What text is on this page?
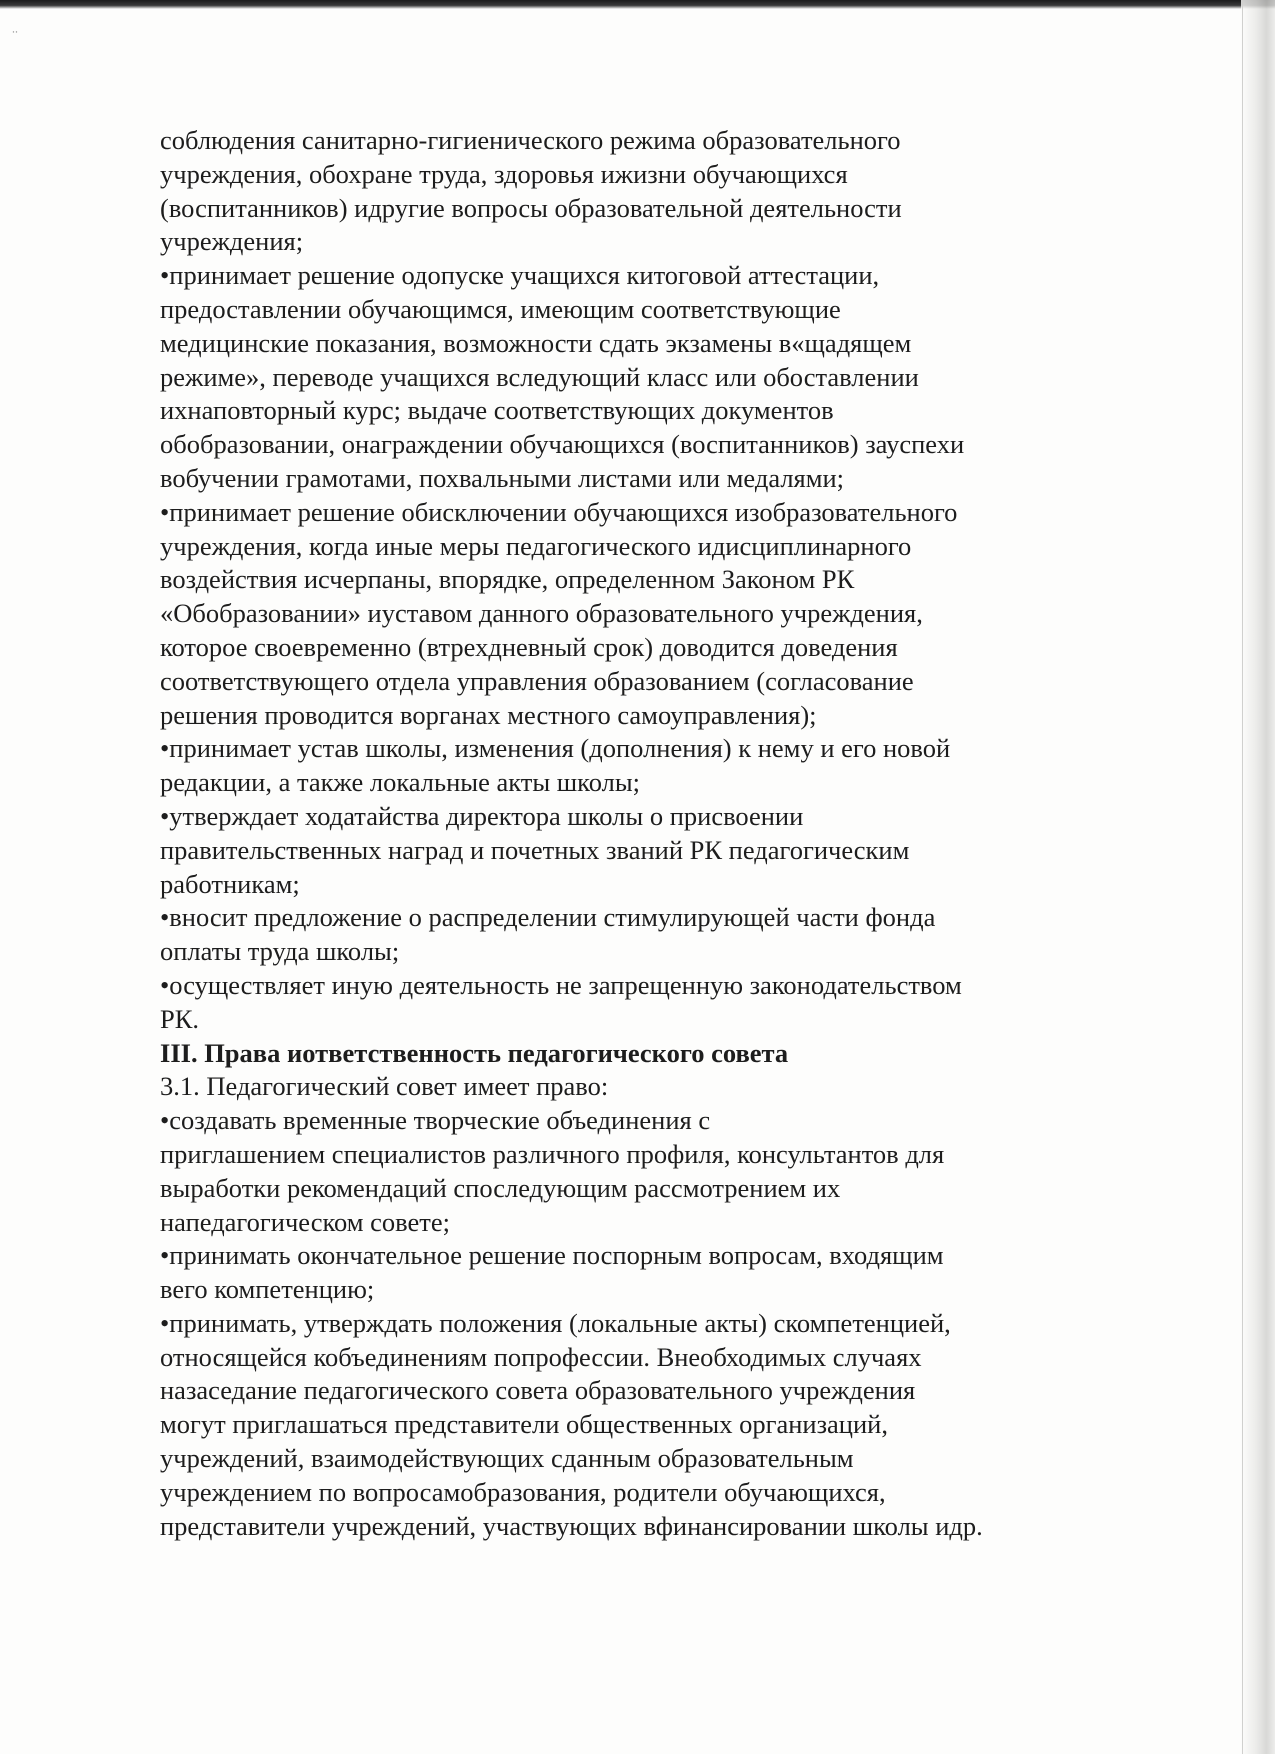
⸱⸱
соблюдения санитарно-гигиенического режима образовательного
учреждения, обохране труда, здоровья ижизни обучающихся
(воспитанников) идругие вопросы образовательной деятельности
учреждения;
•принимает решение одопуске учащихся китоговой аттестации,
предоставлении обучающимся, имеющим соответствующие
медицинские показания, возможности сдать экзамены в«щадящем
режиме», переводе учащихся вследующий класс или обоставлении
ихнаповторный курс; выдаче соответствующих документов
обобразовании, онаграждении обучающихся (воспитанников) зауспехи
вобучении грамотами, похвальными листами или медалями;
•принимает решение обисключении обучающихся изобразовательного
учреждения, когда иные меры педагогического идисциплинарного
воздействия исчерпаны, впорядке, определенном Законом РК
«Обобразовании» иуставом данного образовательного учреждения,
которое своевременно (втрехдневный срок) доводится доведения
соответствующего отдела управления образованием (согласование
решения проводится ворганах местного самоуправления);
•принимает устав школы, изменения (дополнения) к нему и его новой
редакции, а также локальные акты школы;
•утверждает ходатайства директора школы о присвоении
правительственных наград и почетных званий РК педагогическим
работникам;
•вносит предложение о распределении стимулирующей части фонда
оплаты труда школы;
•осуществляет иную деятельность не запрещенную законодательством
РК.
III. Права иответственность педагогического совета
3.1. Педагогический совет имеет право:
•создавать временные творческие объединения с
приглашением специалистов различного профиля, консультантов для
выработки рекомендаций споследующим рассмотрением их
напедагогическом совете;
•принимать окончательное решение поспорным вопросам, входящим
вего компетенцию;
•принимать, утверждать положения (локальные акты) скомпетенцией,
относящейся кобъединениям попрофессии. Внеобходимых случаях
назаседание педагогического совета образовательного учреждения
могут приглашаться представители общественных организаций,
учреждений, взаимодействующих сданным образовательным
учреждением по вопросамобразования, родители обучающихся,
представители учреждений, участвующих вфинансировании школы идр.
